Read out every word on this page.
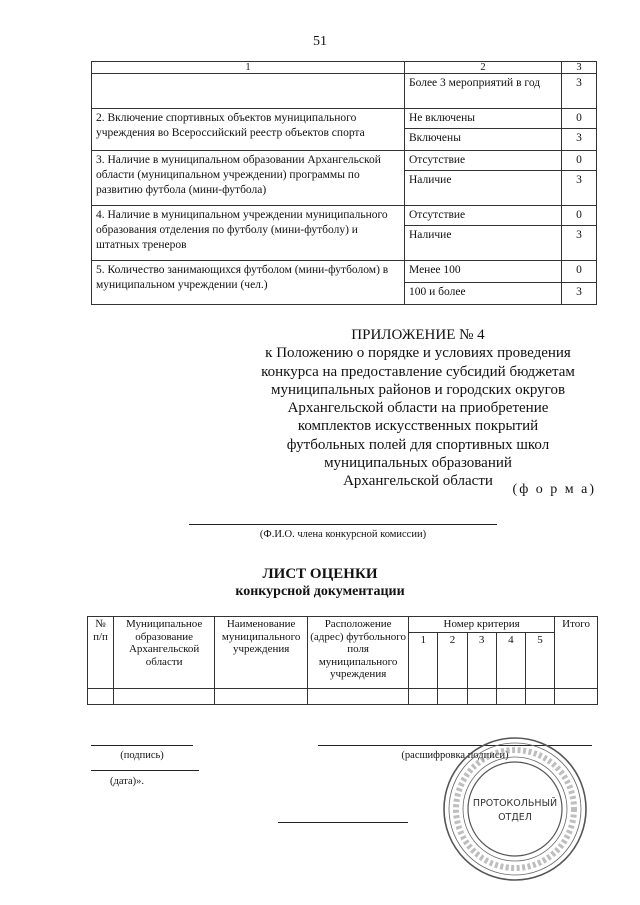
51
1	2	3
	Более 3 мероприятий в год	3
2. Включение спортивных объектов муниципального учреждения во Всероссийский реестр объектов спорта	Не включены	0
	Включены	3
3. Наличие в муниципальном образовании Архангельской области (муниципальном учреждении) программы по развитию футбола (мини-футбола)	Отсутствие	0
	Наличие	3
4. Наличие в муниципальном учреждении муниципального образования отделения по футболу (мини-футболу) и штатных тренеров	Отсутствие	0
	Наличие	3
5. Количество занимающихся футболом (мини-футболом) в муниципальном учреждении (чел.)	Менее 100	0
	100 и более	3
ПРИЛОЖЕНИЕ № 4
к Положению о порядке и условиях проведения
конкурса на предоставление субсидий бюджетам
муниципальных районов и городских округов
Архангельской области на приобретение
комплектов искусственных покрытий
футбольных полей для спортивных школ
муниципальных образований
Архангельской области
(ф о р м а)
(Ф.И.О. члена конкурсной комиссии)
ЛИСТ ОЦЕНКИ
конкурсной документации
№ п/п	Муниципальное образование Архангельской области	Наименование муниципального учреждения	Расположение (адрес) футбольного поля муниципального учреждения	Номер критерия					Итого
				1	2	3	4	5	

(подпись)	(расшифровка подписи)
(дата)».
ПРОТОКОЛЬНЫЙ
ОТДЕЛ
